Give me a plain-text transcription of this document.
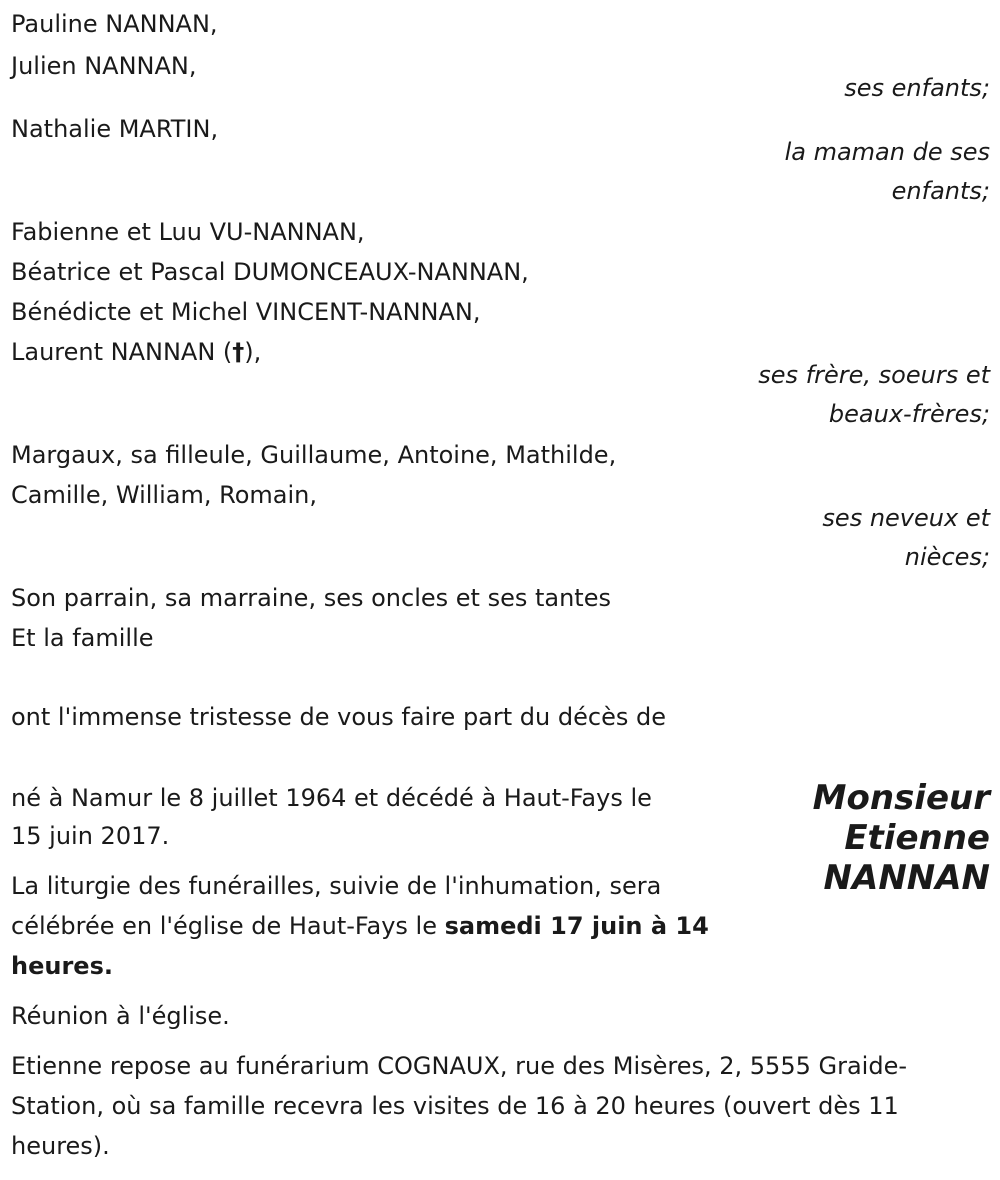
Pauline NANNAN,
Julien NANNAN,
ses enfants;
Nathalie MARTIN,
la maman de ses
enfants;
Fabienne et Luu VU-NANNAN,
Béatrice et Pascal DUMONCEAUX-NANNAN,
Bénédicte et Michel VINCENT-NANNAN,
Laurent NANNAN (†),
ses frère, soeurs et
beaux-frères;
Margaux, sa filleule, Guillaume, Antoine, Mathilde,
Camille, William, Romain,
ses neveux et
nièces;
Son parrain, sa marraine, ses oncles et ses tantes
Et la famille
ont l'immense tristesse de vous faire part du décès de
Monsieur
Etienne
NANNAN
né à Namur le 8 juillet 1964 et décédé à Haut-Fays le
15 juin 2017.
La liturgie des funérailles, suivie de l'inhumation, sera
célébrée en l'église de Haut-Fays le samedi 17 juin à 14
heures.
Réunion à l'église.
Etienne repose au funérarium COGNAUX, rue des Misères, 2, 5555 Graide-
Station, où sa famille recevra les visites de 16 à 20 heures (ouvert dès 11
heures).
